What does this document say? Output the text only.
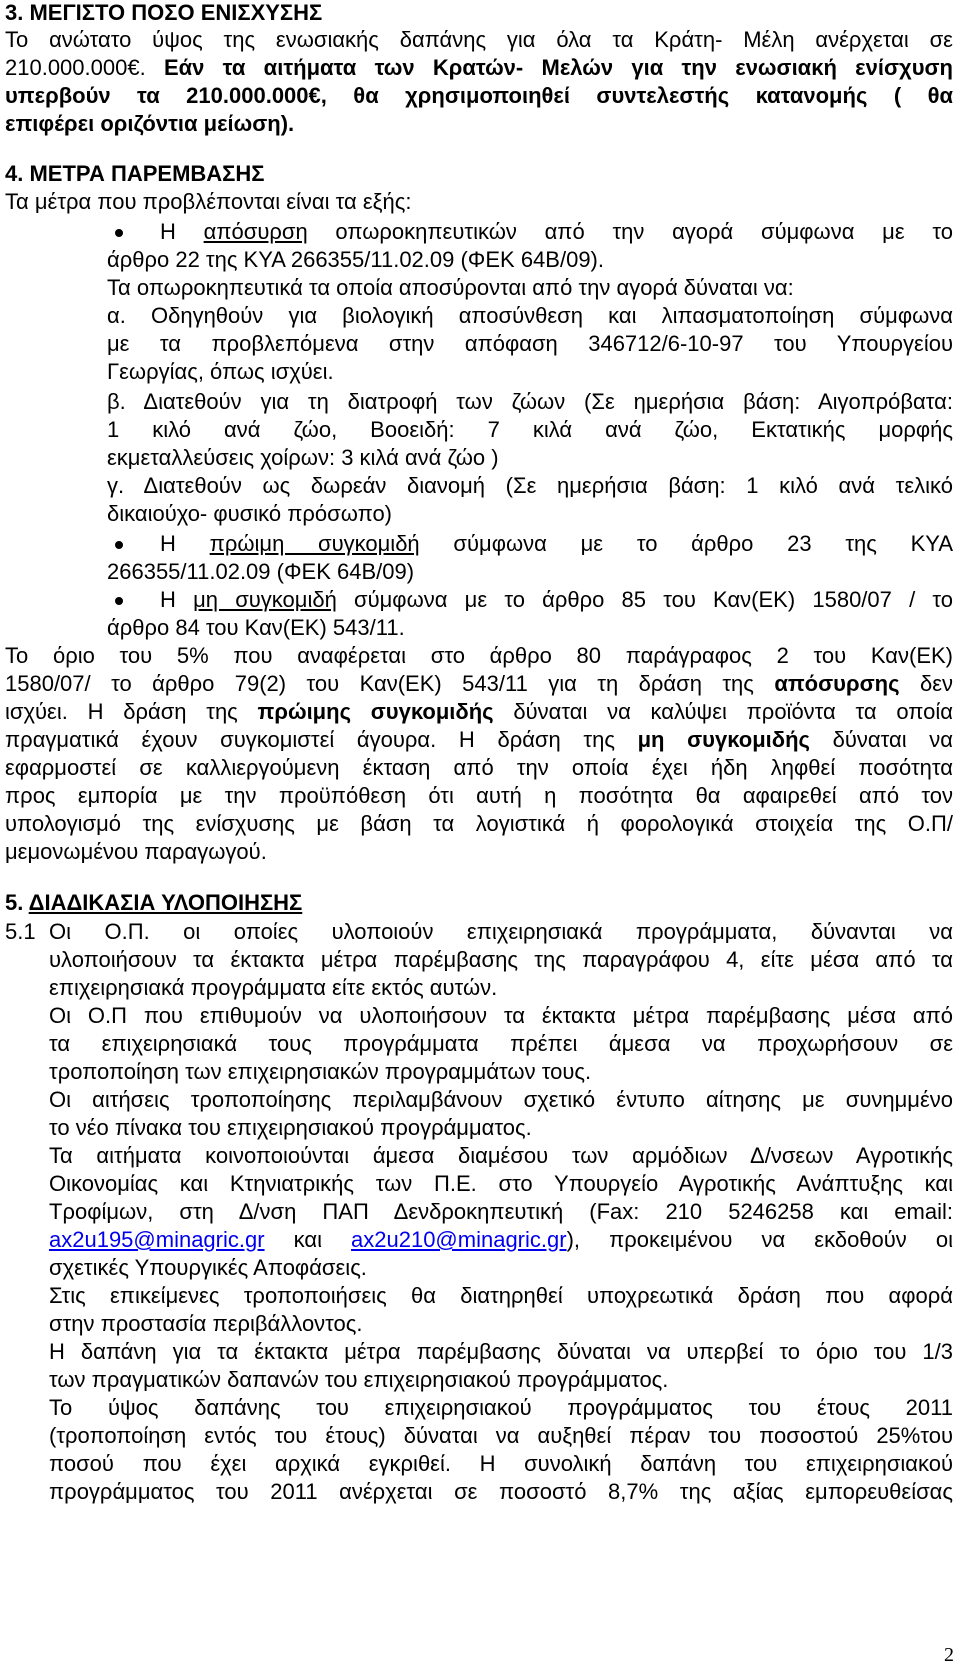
3. ΜΕΓΙΣΤΟ ΠΟΣΟ ΕΝΙΣΧΥΣΗΣ
Το ανώτατο ύψος της ενωσιακής δαπάνης για όλα τα Κράτη- Μέλη ανέρχεται σε
210.000.000€. Εάν τα αιτήματα των Κρατών- Μελών για την ενωσιακή ενίσχυση
υπερβούν τα 210.000.000€, θα χρησιμοποιηθεί συντελεστής κατανομής ( θα
επιφέρει οριζόντια μείωση).
4. ΜΕΤΡΑ ΠΑΡΕΜΒΑΣΗΣ
Τα μέτρα που προβλέπονται είναι τα εξής:
Η απόσυρση οπωροκηπευτικών από την αγορά σύμφωνα με το
άρθρο 22 της ΚΥΑ 266355/11.02.09 (ΦΕΚ 64Β/09).
Τα οπωροκηπευτικά τα οποία αποσύρονται από την αγορά δύναται να:
α. Οδηγηθούν για βιολογική αποσύνθεση και λιπασματοποίηση σύμφωνα
με τα προβλεπόμενα στην απόφαση 346712/6-10-97 του Υπουργείου
Γεωργίας, όπως ισχύει.
β. Διατεθούν για τη διατροφή των ζώων (Σε ημερήσια βάση: Αιγοπρόβατα:
1 κιλό ανά ζώο, Βοοειδή: 7 κιλά ανά ζώο, Εκτατικής μορφής
εκμεταλλεύσεις χοίρων: 3 κιλά ανά ζώο )
γ. Διατεθούν ως δωρεάν διανομή (Σε ημερήσια βάση: 1 κιλό ανά τελικό
δικαιούχο- φυσικό πρόσωπο)
Η πρώιμη συγκομιδή σύμφωνα με το άρθρο 23 της ΚΥΑ
266355/11.02.09 (ΦΕΚ 64Β/09)
Η μη συγκομιδή σύμφωνα με το άρθρο 85 του Καν(ΕΚ) 1580/07 / το
άρθρο 84 του Καν(ΕΚ) 543/11.
Το όριο του 5% που αναφέρεται στο άρθρο 80 παράγραφος 2 του Καν(ΕΚ)
1580/07/ το άρθρο 79(2) του Καν(ΕΚ) 543/11 για τη δράση της απόσυρσης δεν
ισχύει. Η δράση της πρώιμης συγκομιδής δύναται να καλύψει προϊόντα τα οποία
πραγματικά έχουν συγκομιστεί άγουρα. Η δράση της μη συγκομιδής δύναται να
εφαρμοστεί σε καλλιεργούμενη έκταση από την οποία έχει ήδη ληφθεί ποσότητα
προς εμπορία με την προϋπόθεση ότι αυτή η ποσότητα θα αφαιρεθεί από τον
υπολογισμό της ενίσχυσης με βάση τα λογιστικά ή φορολογικά στοιχεία της Ο.Π/
μεμονωμένου παραγωγού.
5. ΔΙΑΔΙΚΑΣΙΑ ΥΛΟΠΟΙΗΣΗΣ
5.1 Οι Ο.Π. οι οποίες υλοποιούν επιχειρησιακά προγράμματα, δύνανται να
υλοποιήσουν τα έκτακτα μέτρα παρέμβασης της παραγράφου 4, είτε μέσα από τα
επιχειρησιακά προγράμματα είτε εκτός αυτών.
Οι Ο.Π που επιθυμούν να υλοποιήσουν τα έκτακτα μέτρα παρέμβασης μέσα από
τα επιχειρησιακά τους προγράμματα πρέπει άμεσα να προχωρήσουν σε
τροποποίηση των επιχειρησιακών προγραμμάτων τους.
Οι αιτήσεις τροποποίησης περιλαμβάνουν σχετικό έντυπο αίτησης με συνημμένο
το νέο πίνακα του επιχειρησιακού προγράμματος.
Τα αιτήματα κοινοποιούνται άμεσα διαμέσου των αρμόδιων Δ/νσεων Αγροτικής
Οικονομίας και Κτηνιατρικής των Π.Ε. στο Υπουργείο Αγροτικής Ανάπτυξης και
Τροφίμων, στη Δ/νση ΠΑΠ Δενδροκηπευτική (Fax: 210 5246258 και email:
ax2u195@minagric.gr και ax2u210@minagric.gr), προκειμένου να εκδοθούν οι
σχετικές Υπουργικές Αποφάσεις.
Στις επικείμενες τροποποιήσεις θα διατηρηθεί υποχρεωτικά δράση που αφορά
στην προστασία περιβάλλοντος.
Η δαπάνη για τα έκτακτα μέτρα παρέμβασης δύναται να υπερβεί το όριο του 1/3
των πραγματικών δαπανών του επιχειρησιακού προγράμματος.
Το ύψος δαπάνης του επιχειρησιακού προγράμματος του έτους 2011
(τροποποίηση εντός του έτους) δύναται να αυξηθεί πέραν του ποσοστού 25%του
ποσού που έχει αρχικά εγκριθεί. Η συνολική δαπάνη του επιχειρησιακού
προγράμματος του 2011 ανέρχεται σε ποσοστό 8,7% της αξίας εμπορευθείσας
2
